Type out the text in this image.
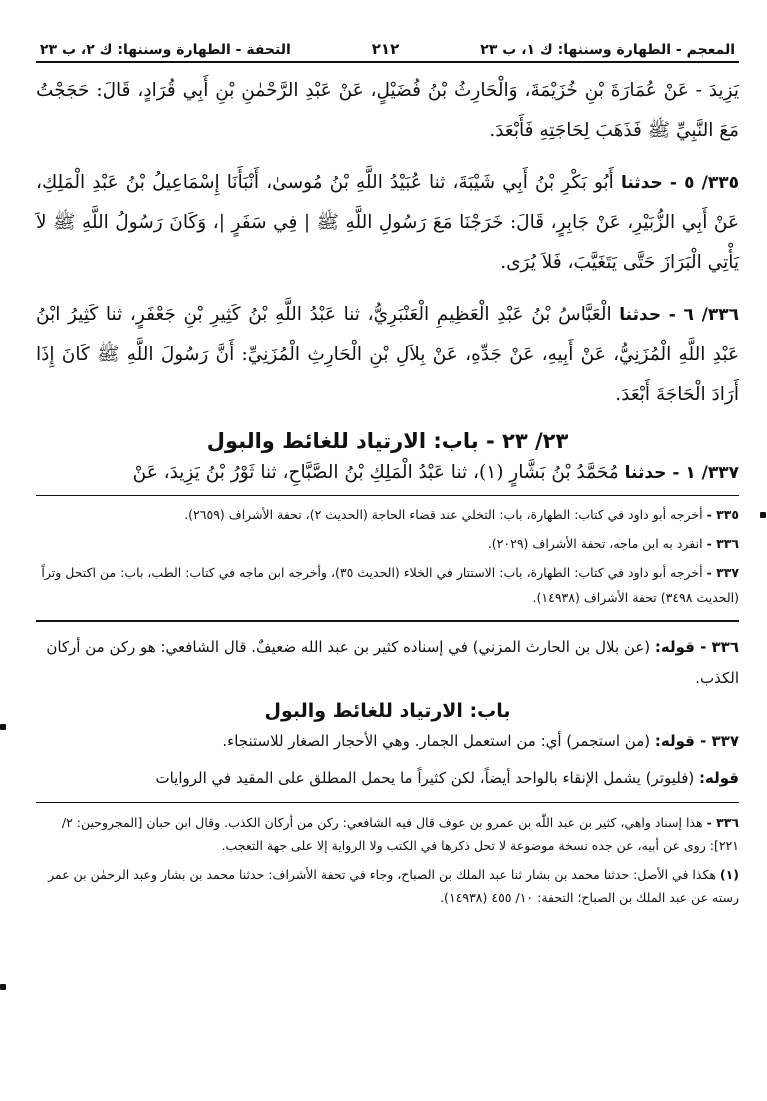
المعجم - الطهارة وسننها: ك ١، ب ٢٣
٢١٢
التحفة - الطهارة وسننها: ك ٢، ب ٢٣

يَزِيدَ - عَنْ عُمَارَةَ بْنِ خُزَيْمَةَ، وَالْحَارِثُ بْنُ فُضَيْلٍ، عَنْ عَبْدِ الرَّحْمٰنِ بْنِ أَبِي قُرَادٍ، قَالَ: حَجَجْتُ مَعَ النَّبِيِّ ﷺ فَذَهَبَ لِحَاجَتِهِ فَأَبْعَدَ.

٣٣٥/ ٥ - حدثنا أَبُو بَكْرِ بْنُ أَبِي شَيْبَةَ، ثنا عُبَيْدُ اللَّهِ بْنُ مُوسىٰ، أَنْبَأَنَا إِسْمَاعِيلُ بْنُ عَبْدِ الْمَلِكِ، عَنْ أَبِي الزُّبَيْرِ، عَنْ جَابِرٍ، قَالَ: خَرَجْنَا مَعَ رَسُولِ اللَّهِ ﷺ | فِي سَفَرٍ |، وَكَانَ رَسُولُ اللَّهِ ﷺ لاَ يَأْتِي الْبَرَازَ حَتَّى يَتَغَيَّبَ، فَلاَ يُرَى.

٣٣٦/ ٦ - حدثنا الْعَبَّاسُ بْنُ عَبْدِ الْعَظِيمِ الْعَنْبَرِيُّ، ثنا عَبْدُ اللَّهِ بْنُ كَثِيرِ بْنِ جَعْفَرٍ، ثنا كَثِيرُ ابْنُ عَبْدِ اللَّهِ الْمُزَنِيُّ، عَنْ أَبِيهِ، عَنْ جَدِّهِ، عَنْ بِلاَلِ بْنِ الْحَارِثِ الْمُزَنِيِّ: أَنَّ رَسُولَ اللَّهِ ﷺ كَانَ إِذَا أَرَادَ الْحَاجَةَ أَبْعَدَ.

٢٣/ ٢٣ - باب: الارتياد للغائط والبول

٣٣٧/ ١ - حدثنا مُحَمَّدُ بْنُ بَشَّارٍ (١)، ثنا عَبْدُ الْمَلِكِ بْنُ الصَّبَّاحِ، ثنا ثَوْرُ بْنُ يَزِيدَ، عَنْ

٣٣٥ - أخرجه أبو داود في كتاب: الطهارة، باب: التخلي عند قضاء الحاجة (الحديث ٢)، تحفة الأشراف (٢٦٥٩).

٣٣٦ - انفرد به ابن ماجه، تحفة الأشراف (٢٠٢٩).

٣٣٧ - أخرجه أبو داود في كتاب: الطهارة، باب: الاستتار في الخلاء (الحديث ٣٥)، وأخرجه ابن ماجه في كتاب: الطب، باب: من اكتحل وتراً (الحديث ٣٤٩٨) تحفة الأشراف (١٤٩٣٨).

٣٣٦ - قوله: (عن بلال بن الحارث المزني) في إسناده كثير بن عبد الله ضعيفٌ. قال الشافعي: هو ركن من أركان الكذب.

باب: الارتياد للغائط والبول

٣٣٧ - قوله: (من استجمر) أي: من استعمل الجمار. وهي الأحجار الصغار للاستنجاء.

قوله: (فليوتر) يشمل الإنقاء بالواحد أيضاً، لكن كثيراً ما يحمل المطلق على المقيد في الروايات

٣٣٦ - هذا إسناد واهي، كثير بن عبد اللّٰه بن عمرو بن عوف قال فيه الشافعي: ركن من أركان الكذب. وقال ابن حبان [المجروحين: ٢/ ٢٢١]: روى عن أبيه، عن جده نسخة موضوعة لا تحل ذكرها في الكتب ولا الرواية إلا على جهة التعجب.

(١) هكذا في الأصل: حدثنا محمد بن بشار ثنا عبد الملك بن الصباح، وجاء في تحفة الأشراف: حدثنا محمد بن بشار وعبد الرحمٰن بن عمر رسته عن عبد الملك بن الصباح؛ التحفة: ١٠/ ٤٥٥ (١٤٩٣٨).
